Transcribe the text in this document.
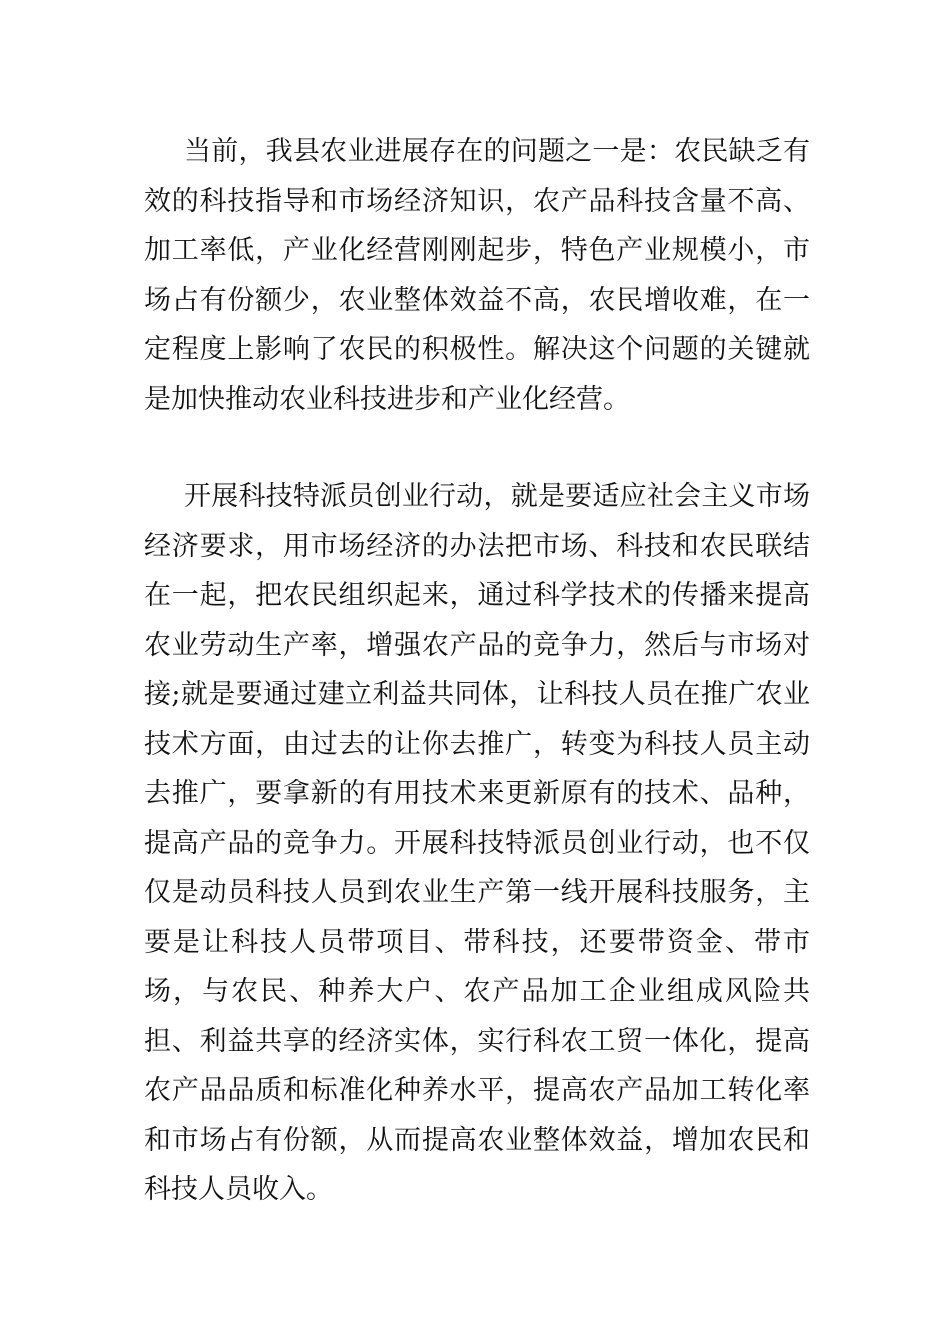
当前，我县农业进展存在的问题之一是：农民缺乏有效的科技指导和市场经济知识，农产品科技含量不高、加工率低，产业化经营刚刚起步，特色产业规模小，市场占有份额少，农业整体效益不高，农民增收难，在一定程度上影响了农民的积极性。解决这个问题的关键就是加快推动农业科技进步和产业化经营。

开展科技特派员创业行动，就是要适应社会主义市场经济要求，用市场经济的办法把市场、科技和农民联结在一起，把农民组织起来，通过科学技术的传播来提高农业劳动生产率，增强农产品的竞争力，然后与市场对接;就是要通过建立利益共同体，让科技人员在推广农业技术方面，由过去的让你去推广，转变为科技人员主动去推广，要拿新的有用技术来更新原有的技术、品种，提高产品的竞争力。开展科技特派员创业行动，也不仅仅是动员科技人员到农业生产第一线开展科技服务，主要是让科技人员带项目、带科技，还要带资金、带市场，与农民、种养大户、农产品加工企业组成风险共担、利益共享的经济实体，实行科农工贸一体化，提高农产品品质和标准化种养水平，提高农产品加工转化率和市场占有份额，从而提高农业整体效益，增加农民和科技人员收入。
